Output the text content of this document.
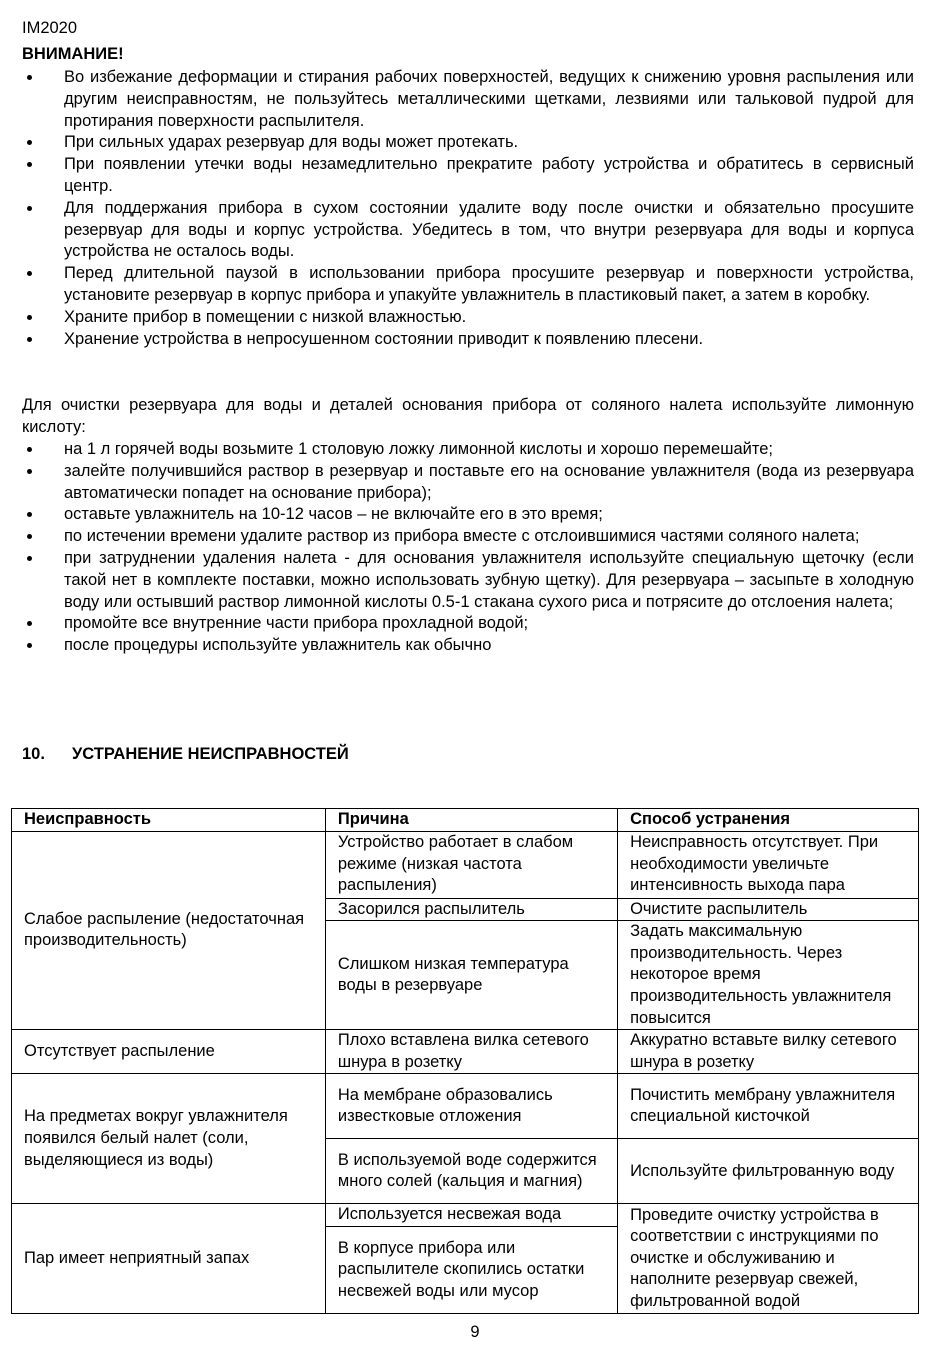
IM2020
ВНИМАНИЕ!
Во избежание деформации и стирания рабочих поверхностей, ведущих к снижению уровня распыления или другим неисправностям, не пользуйтесь металлическими щетками, лезвиями или тальковой пудрой для протирания поверхности распылителя.
При сильных ударах резервуар для воды может протекать.
При появлении утечки воды незамедлительно прекратите работу устройства и обратитесь в сервисный центр.
Для поддержания прибора в сухом состоянии удалите воду после очистки и обязательно просушите резервуар для воды и корпус устройства. Убедитесь в том, что внутри резервуара для воды и корпуса устройства не осталось воды.
Перед длительной паузой в использовании прибора просушите резервуар и поверхности устройства, установите резервуар в корпус прибора и упакуйте увлажнитель в пластиковый пакет, а затем в коробку.
Храните прибор в помещении с низкой влажностью.
Хранение устройства в непросушенном состоянии приводит к появлению плесени.

Для очистки резервуара для воды и деталей основания прибора от соляного налета используйте лимонную кислоту:

на 1 л горячей воды возьмите 1 столовую ложку лимонной кислоты и хорошо перемешайте;
залейте получившийся раствор в резервуар и поставьте его на основание увлажнителя (вода из резервуара автоматически попадет на основание прибора);
оставьте увлажнитель на 10-12 часов – не включайте его в это время;
по истечении времени удалите раствор из прибора вместе с отслоившимися частями соляного налета;
при затруднении удаления налета - для основания увлажнителя используйте специальную щеточку (если такой нет в комплекте поставки, можно использовать зубную щетку). Для резервуара – засыпьте в холодную воду или остывший раствор лимонной кислоты 0.5-1 стакана сухого риса и потрясите до отслоения налета;
промойте все внутренние части прибора прохладной водой;
после процедуры используйте увлажнитель как обычно
10. УСТРАНЕНИЕ НЕИСПРАВНОСТЕЙ
Неисправность	Причина	Способ устранения
Слабое распыление (недостаточная производительность)	Устройство работает в слабом режиме (низкая частота распыления)	Неисправность отсутствует. При необходимости увеличьте интенсивность выхода пара
	Засорился распылитель	Очистите распылитель
	Слишком низкая температура воды в резервуаре	Задать максимальную производительность. Через некоторое время производительность увлажнителя повысится
Отсутствует распыление	Плохо вставлена вилка сетевого шнура в розетку	Аккуратно вставьте вилку сетевого шнура в розетку
На предметах вокруг увлажнителя появился белый налет (соли, выделяющиеся из воды)	На мембране образовались известковые отложения	Почистить мембрану увлажнителя специальной кисточкой
	В используемой воде содержится много солей (кальция и магния)	Используйте фильтрованную воду
Пар имеет неприятный запах	Используется несвежая вода	Проведите очистку устройства в соответствии с инструкциями по очистке и обслуживанию и наполните резервуар свежей, фильтрованной водой
	В корпусе прибора или распылителе скопились остатки несвежей воды или мусор	
9
